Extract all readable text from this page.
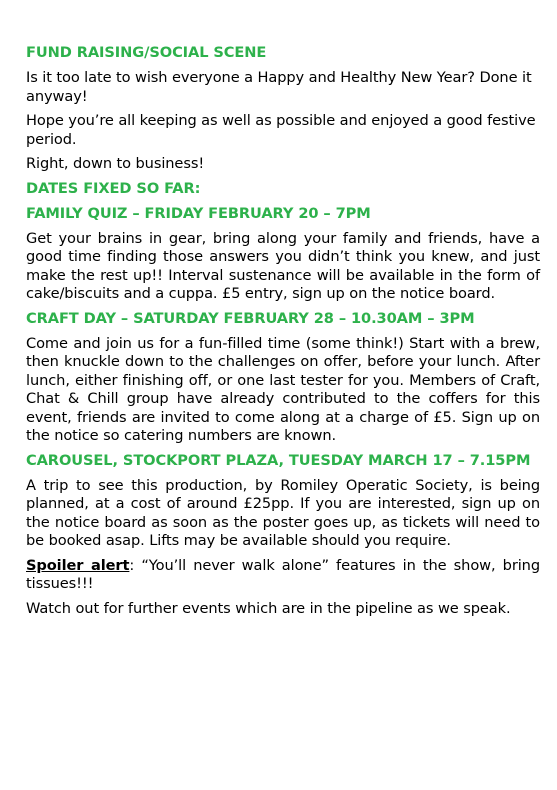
FUND RAISING/SOCIAL SCENE

Is it too late to wish everyone a Happy and Healthy New Year? Done it anyway!

Hope you’re all keeping as well as possible and enjoyed a good festive period.

Right, down to business!

DATES FIXED SO FAR:
FAMILY QUIZ – FRIDAY FEBRUARY 20 – 7PM

Get your brains in gear, bring along your family and friends, have a good time finding those answers you didn’t think you knew, and just make the rest up!! Interval sustenance will be available in the form of cake/biscuits and a cuppa. £5 entry, sign up on the notice board.

CRAFT DAY – SATURDAY FEBRUARY 28 – 10.30AM – 3PM

Come and join us for a fun-filled time (some think!) Start with a brew, then knuckle down to the challenges on offer, before your lunch. After lunch, either finishing off, or one last tester for you. Members of Craft, Chat & Chill group have already contributed to the coffers for this event, friends are invited to come along at a charge of £5. Sign up on the notice so catering numbers are known.

CAROUSEL, STOCKPORT PLAZA, TUESDAY MARCH 17 – 7.15PM

A trip to see this production, by Romiley Operatic Society, is being planned, at a cost of around £25pp. If you are interested, sign up on the notice board as soon as the poster goes up, as tickets will need to be booked asap. Lifts may be available should you require.

Spoiler alert: “You’ll never walk alone” features in the show, bring tissues!!!

Watch out for further events which are in the pipeline as we speak.
